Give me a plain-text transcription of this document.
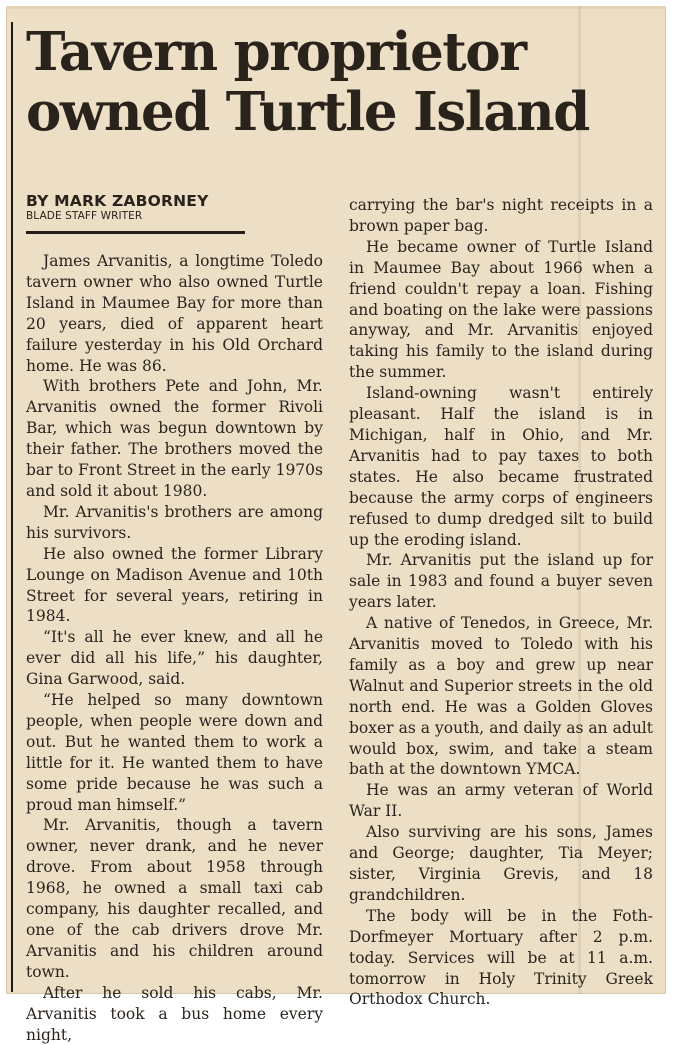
Tavern proprietor
owned Turtle Island
BY MARK ZABORNEY
BLADE STAFF WRITER

James Arvanitis, a longtime Toledo tavern owner who also owned Turtle Island in Maumee Bay for more than 20 years, died of apparent heart failure yesterday in his Old Orchard home. He was 86.

With brothers Pete and John, Mr. Arvanitis owned the former Rivoli Bar, which was begun downtown by their father. The brothers moved the bar to Front Street in the early 1970s and sold it about 1980.

Mr. Arvanitis's brothers are among his survivors.

He also owned the former Library Lounge on Madison Avenue and 10th Street for several years, retiring in 1984.

“It's all he ever knew, and all he ever did all his life,” his daughter, Gina Garwood, said.

“He helped so many downtown people, when people were down and out. But he wanted them to work a little for it. He wanted them to have some pride because he was such a proud man himself.”

Mr. Arvanitis, though a tavern owner, never drank, and he never drove. From about 1958 through 1968, he owned a small taxi cab company, his daughter recalled, and one of the cab drivers drove Mr. Arvanitis and his children around town.

After he sold his cabs, Mr. Arvanitis took a bus home every night,

carrying the bar's night receipts in a brown paper bag.

He became owner of Turtle Island in Maumee Bay about 1966 when a friend couldn't repay a loan. Fishing and boating on the lake were passions anyway, and Mr. Arvanitis enjoyed taking his family to the island during the summer.

Island-owning wasn't entirely pleasant. Half the island is in Michigan, half in Ohio, and Mr. Arvanitis had to pay taxes to both states. He also became frustrated because the army corps of engineers refused to dump dredged silt to build up the eroding island.

Mr. Arvanitis put the island up for sale in 1983 and found a buyer seven years later.

A native of Tenedos, in Greece, Mr. Arvanitis moved to Toledo with his family as a boy and grew up near Walnut and Superior streets in the old north end. He was a Golden Gloves boxer as a youth, and daily as an adult would box, swim, and take a steam bath at the downtown YMCA.

He was an army veteran of World War II.

Also surviving are his sons, James and George; daughter, Tia Meyer; sister, Virginia Grevis, and 18 grandchildren.

The body will be in the Foth-Dorfmeyer Mortuary after 2 p.m. today. Services will be at 11 a.m. tomorrow in Holy Trinity Greek Orthodox Church.
